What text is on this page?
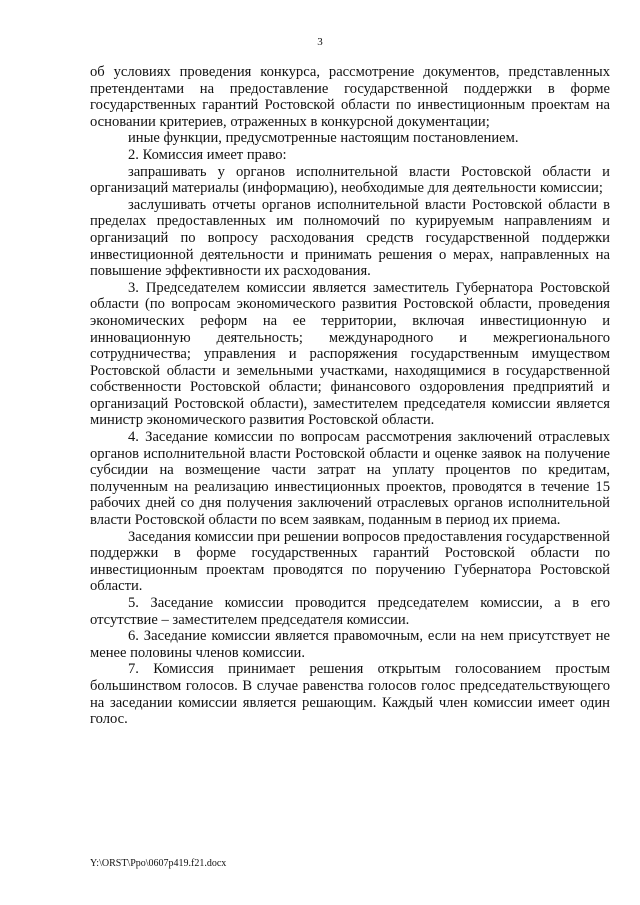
3

об условиях проведения конкурса, рассмотрение документов, представленных претендентами на предоставление государственной поддержки в форме государственных гарантий Ростовской области по инвестиционным проектам на основании критериев, отраженных в конкурсной документации;

иные функции, предусмотренные настоящим постановлением.

2. Комиссия имеет право:

запрашивать у органов исполнительной власти Ростовской области и организаций материалы (информацию), необходимые для деятельности комиссии;

заслушивать отчеты органов исполнительной власти Ростовской области в пределах предоставленных им полномочий по курируемым направлениям и организаций по вопросу расходования средств государственной поддержки инвестиционной деятельности и принимать решения о мерах, направленных на повышение эффективности их расходования.

3. Председателем комиссии является заместитель Губернатора Ростовской области (по вопросам экономического развития Ростовской области, проведения экономических реформ на ее территории, включая инвестиционную и инновационную деятельность; международного и межрегионального сотрудничества; управления и распоряжения государственным имуществом Ростовской области и земельными участками, находящимися в государственной собственности Ростовской области; финансового оздоровления предприятий и организаций Ростовской области), заместителем председателя комиссии является министр экономического развития Ростовской области.

4. Заседание комиссии по вопросам рассмотрения заключений отраслевых органов исполнительной власти Ростовской области и оценке заявок на получение субсидии на возмещение части затрат на уплату процентов по кредитам, полученным на реализацию инвестиционных проектов, проводятся в течение 15 рабочих дней со дня получения заключений отраслевых органов исполнительной власти Ростовской области по всем заявкам, поданным в период их приема.

Заседания комиссии при решении вопросов предоставления государственной поддержки в форме государственных гарантий Ростовской области по инвестиционным проектам проводятся по поручению Губернатора Ростовской области.

5. Заседание комиссии проводится председателем комиссии, а в его отсутствие – заместителем председателя комиссии.

6. Заседание комиссии является правомочным, если на нем присутствует не менее половины членов комиссии.

7. Комиссия принимает решения открытым голосованием простым большинством голосов. В случае равенства голосов голос председательствующего на заседании комиссии является решающим. Каждый член комиссии имеет один голос.

Y:\ORST\Ppo\0607p419.f21.docx
